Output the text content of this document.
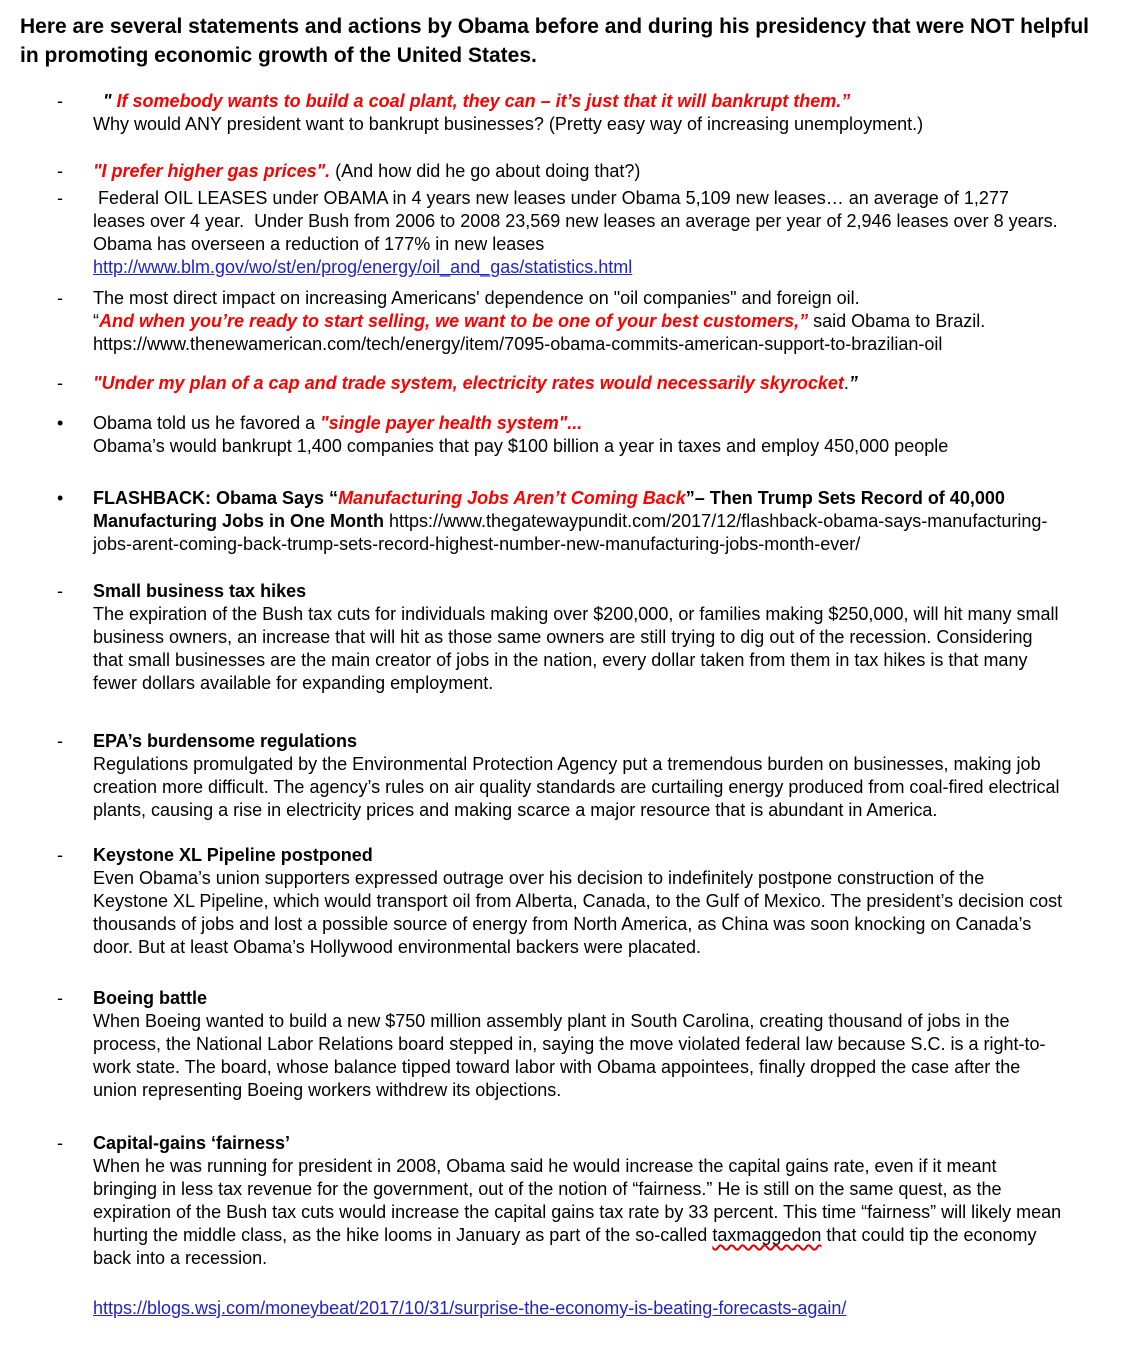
Here are several statements and actions by Obama before and during his presidency that were NOT helpful in promoting economic growth of the United States.
-	" If somebody wants to build a coal plant, they can – it’s just that it will bankrupt them.”
Why would ANY president want to bankrupt businesses? (Pretty easy way of increasing unemployment.)
-	"I prefer higher gas prices". (And how did he go about doing that?)
-	Federal OIL LEASES under OBAMA in 4 years new leases under Obama 5,109 new leases… an average of 1,277 leases over 4 year.  Under Bush from 2006 to 2008 23,569 new leases an average per year of 2,946 leases over 8 years.  Obama has overseen a reduction of 177% in new leases
http://www.blm.gov/wo/st/en/prog/energy/oil_and_gas/statistics.html
-	The most direct impact on increasing Americans' dependence on "oil companies" and foreign oil.
“And when you’re ready to start selling, we want to be one of your best customers,” said Obama to Brazil.
https://www.thenewamerican.com/tech/energy/item/7095-obama-commits-american-support-to-brazilian-oil
-	"Under my plan of a cap and trade system, electricity rates would necessarily skyrocket.”
•	Obama told us he favored a "single payer health system"...
Obama’s would bankrupt 1,400 companies that pay $100 billion a year in taxes and employ 450,000 people
•	FLASHBACK: Obama Says “Manufacturing Jobs Aren’t Coming Back”– Then Trump Sets Record of 40,000 Manufacturing Jobs in One Month https://www.thegatewaypundit.com/2017/12/flashback-obama-says-manufacturing-jobs-arent-coming-back-trump-sets-record-highest-number-new-manufacturing-jobs-month-ever/
-	Small business tax hikes
The expiration of the Bush tax cuts for individuals making over $200,000, or families making $250,000, will hit many small business owners, an increase that will hit as those same owners are still trying to dig out of the recession. Considering that small businesses are the main creator of jobs in the nation, every dollar taken from them in tax hikes is that many fewer dollars available for expanding employment.
-	EPA’s burdensome regulations
Regulations promulgated by the Environmental Protection Agency put a tremendous burden on businesses, making job creation more difficult. The agency’s rules on air quality standards are curtailing energy produced from coal-fired electrical plants, causing a rise in electricity prices and making scarce a major resource that is abundant in America.
-	Keystone XL Pipeline postponed
Even Obama’s union supporters expressed outrage over his decision to indefinitely postpone construction of the Keystone XL Pipeline, which would transport oil from Alberta, Canada, to the Gulf of Mexico. The president’s decision cost thousands of jobs and lost a possible source of energy from North America, as China was soon knocking on Canada’s door. But at least Obama’s Hollywood environmental backers were placated.
-	Boeing battle
When Boeing wanted to build a new $750 million assembly plant in South Carolina, creating thousand of jobs in the process, the National Labor Relations board stepped in, saying the move violated federal law because S.C. is a right-to-work state. The board, whose balance tipped toward labor with Obama appointees, finally dropped the case after the union representing Boeing workers withdrew its objections.
-	Capital-gains ‘fairness’
When he was running for president in 2008, Obama said he would increase the capital gains rate, even if it meant bringing in less tax revenue for the government, out of the notion of “fairness.” He is still on the same quest, as the expiration of the Bush tax cuts would increase the capital gains tax rate by 33 percent. This time “fairness” will likely mean hurting the middle class, as the hike looms in January as part of the so-called taxmaggedon that could tip the economy back into a recession.
https://blogs.wsj.com/moneybeat/2017/10/31/surprise-the-economy-is-beating-forecasts-again/
